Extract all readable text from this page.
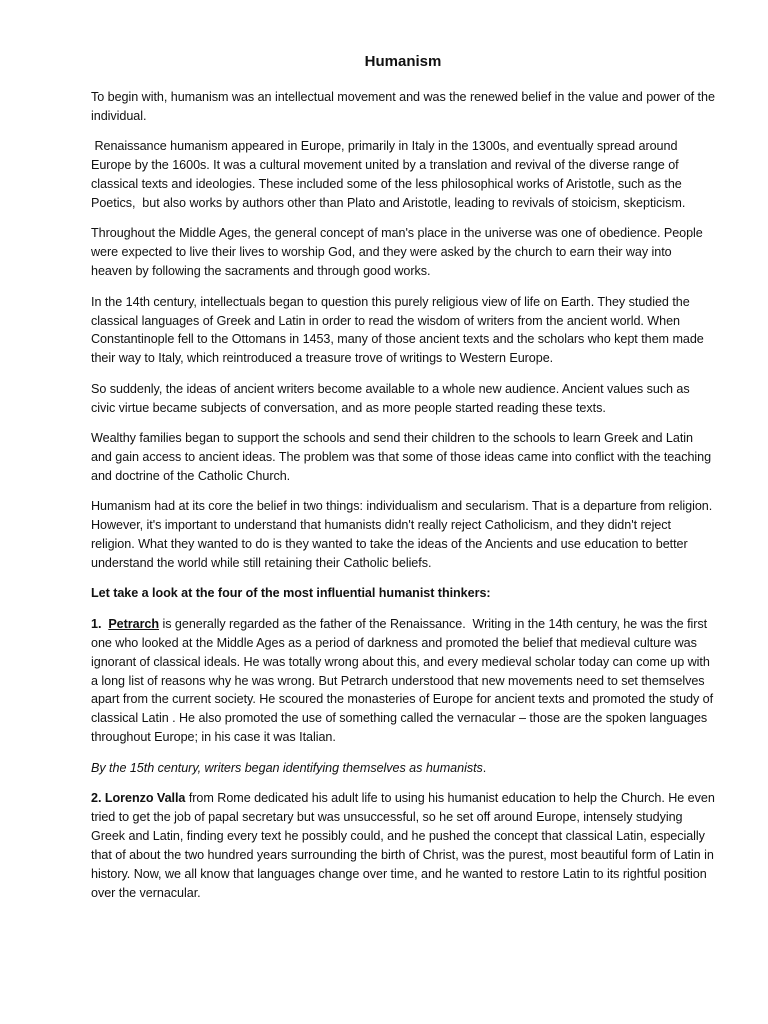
Humanism

To begin with, humanism was an intellectual movement and was the renewed belief in the value and power of the individual.

Renaissance humanism appeared in Europe, primarily in Italy in the 1300s, and eventually spread around Europe by the 1600s. It was a cultural movement united by a translation and revival of the diverse range of classical texts and ideologies. These included some of the less philosophical works of Aristotle, such as the Poetics,  but also works by authors other than Plato and Aristotle, leading to revivals of stoicism, skepticism.

Throughout the Middle Ages, the general concept of man's place in the universe was one of obedience. People were expected to live their lives to worship God, and they were asked by the church to earn their way into heaven by following the sacraments and through good works.

In the 14th century, intellectuals began to question this purely religious view of life on Earth. They studied the classical languages of Greek and Latin in order to read the wisdom of writers from the ancient world. When Constantinople fell to the Ottomans in 1453, many of those ancient texts and the scholars who kept them made their way to Italy, which reintroduced a treasure trove of writings to Western Europe.

So suddenly, the ideas of ancient writers become available to a whole new audience. Ancient values such as civic virtue became subjects of conversation, and as more people started reading these texts.

Wealthy families began to support the schools and send their children to the schools to learn Greek and Latin and gain access to ancient ideas. The problem was that some of those ideas came into conflict with the teaching and doctrine of the Catholic Church.

Humanism had at its core the belief in two things: individualism and secularism. That is a departure from religion. However, it's important to understand that humanists didn't really reject Catholicism, and they didn't reject religion. What they wanted to do is they wanted to take the ideas of the Ancients and use education to better understand the world while still retaining their Catholic beliefs.

Let take a look at the four of the most influential humanist thinkers:

1.  Petrarch is generally regarded as the father of the Renaissance.  Writing in the 14th century, he was the first one who looked at the Middle Ages as a period of darkness and promoted the belief that medieval culture was ignorant of classical ideals. He was totally wrong about this, and every medieval scholar today can come up with a long list of reasons why he was wrong. But Petrarch understood that new movements need to set themselves apart from the current society. He scoured the monasteries of Europe for ancient texts and promoted the study of classical Latin . He also promoted the use of something called the vernacular – those are the spoken languages throughout Europe; in his case it was Italian.

By the 15th century, writers began identifying themselves as humanists.

2. Lorenzo Valla from Rome dedicated his adult life to using his humanist education to help the Church. He even tried to get the job of papal secretary but was unsuccessful, so he set off around Europe, intensely studying Greek and Latin, finding every text he possibly could, and he pushed the concept that classical Latin, especially that of about the two hundred years surrounding the birth of Christ, was the purest, most beautiful form of Latin in history. Now, we all know that languages change over time, and he wanted to restore Latin to its rightful position over the vernacular.
